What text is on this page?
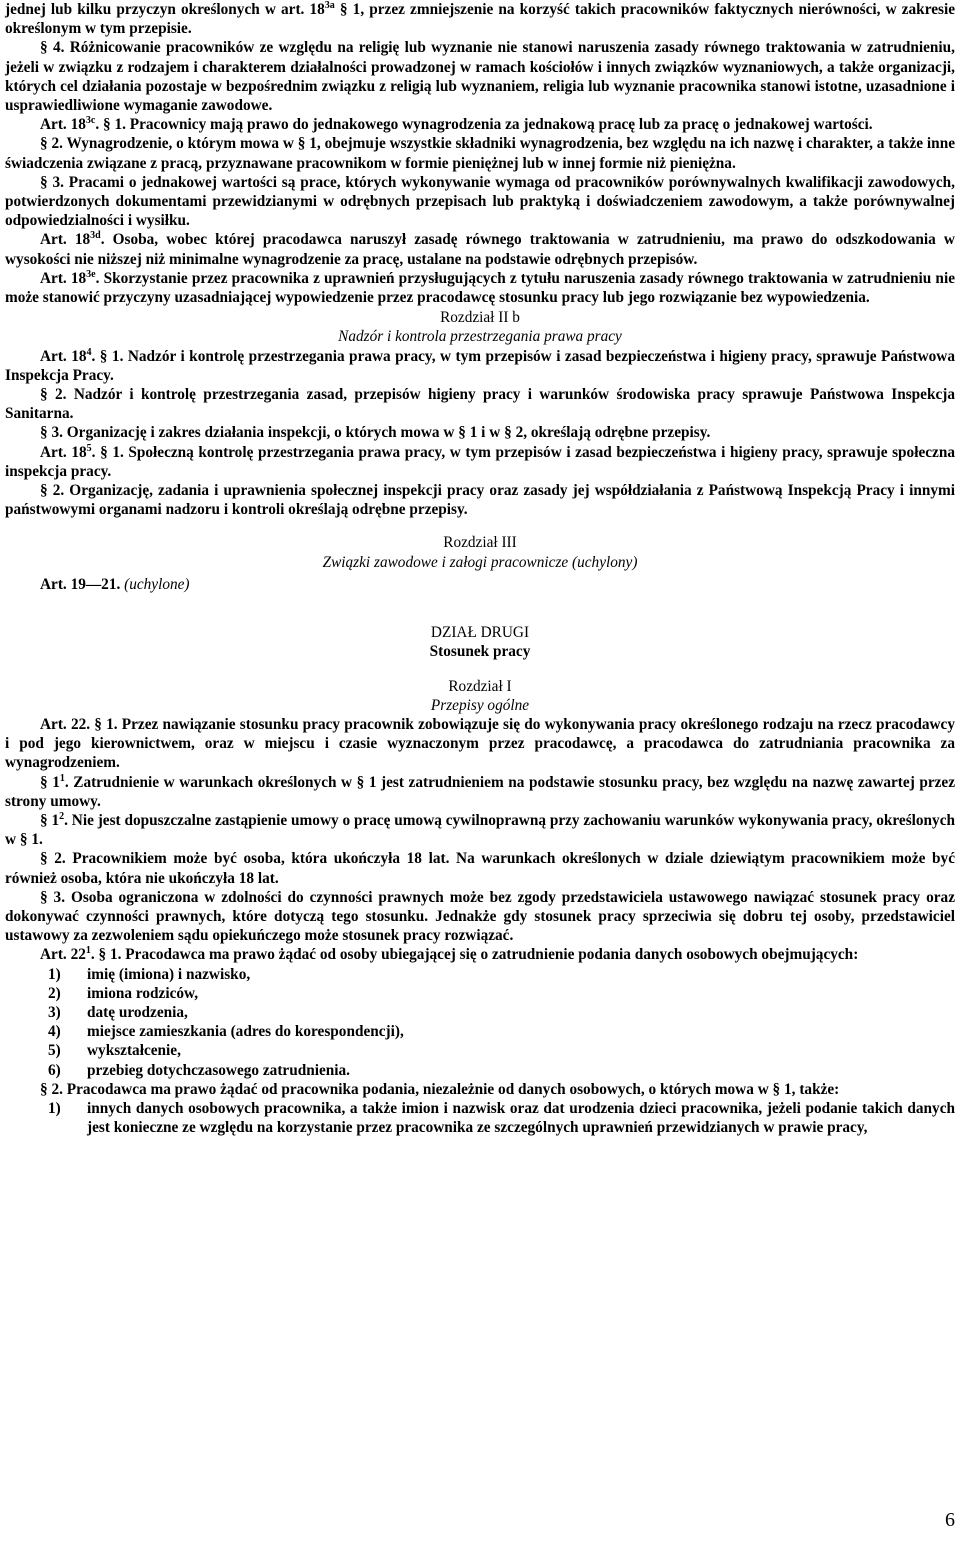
jednej lub kilku przyczyn określonych w art. $18^{3a}$ § 1, przez zmniejszenie na korzyść takich pracowników faktycznych nierówności, w zakresie określonym w tym przepisie.

§ 4. Różnicowanie pracowników ze względu na religię lub wyznanie nie stanowi naruszenia zasady równego traktowania w zatrudnieniu, jeżeli w związku z rodzajem i charakterem działalności prowadzonej w ramach kościołów i innych związków wyznaniowych, a także organizacji, których cel działania pozostaje w bezpośrednim związku z religią lub wyznaniem, religia lub wyznanie pracownika stanowi istotne, uzasadnione i usprawiedliwione wymaganie zawodowe.

Art. $18^{3c}$. § 1. Pracownicy mają prawo do jednakowego wynagrodzenia za jednakową pracę lub za pracę o jednakowej wartości.

§ 2. Wynagrodzenie, o którym mowa w § 1, obejmuje wszystkie składniki wynagrodzenia, bez względu na ich nazwę i charakter, a także inne świadczenia związane z pracą, przyznawane pracownikom w formie pieniężnej lub w innej formie niż pieniężna.

§ 3. Pracami o jednakowej wartości są prace, których wykonywanie wymaga od pracowników porównywalnych kwalifikacji zawodowych, potwierdzonych dokumentami przewidzianymi w odrębnych przepisach lub praktyką i doświadczeniem zawodowym, a także porównywalnej odpowiedzialności i wysiłku.

Art. $18^{3d}$. Osoba, wobec której pracodawca naruszył zasadę równego traktowania w zatrudnieniu, ma prawo do odszkodowania w wysokości nie niższej niż minimalne wynagrodzenie za pracę, ustalane na podstawie odrębnych przepisów.

Art. $18^{3e}$. Skorzystanie przez pracownika z uprawnień przysługujących z tytułu naruszenia zasady równego traktowania w zatrudnieniu nie może stanowić przyczyny uzasadniającej wypowiedzenie przez pracodawcę stosunku pracy lub jego rozwiązanie bez wypowiedzenia.

Rozdział II b

Nadzór i kontrola przestrzegania prawa pracy

Art. $18^4$. § 1. Nadzór i kontrolę przestrzegania prawa pracy, w tym przepisów i zasad bezpieczeństwa i higieny pracy, sprawuje Państwowa Inspekcja Pracy.

§ 2. Nadzór i kontrolę przestrzegania zasad, przepisów higieny pracy i warunków środowiska pracy sprawuje Państwowa Inspekcja Sanitarna.

§ 3. Organizację i zakres działania inspekcji, o których mowa w § 1 i w § 2, określają odrębne przepisy.

Art. $18^5$. § 1. Społeczną kontrolę przestrzegania prawa pracy, w tym przepisów i zasad bezpieczeństwa i higieny pracy, sprawuje społeczna inspekcja pracy.

§ 2. Organizację, zadania i uprawnienia społecznej inspekcji pracy oraz zasady jej współdziałania z Państwową Inspekcją Pracy i innymi państwowymi organami nadzoru i kontroli określają odrębne przepisy.

Rozdział III

Związki zawodowe i załogi pracownicze (uchylony)

Art. 19—21. (uchylone)

DZIAŁ DRUGI

Stosunek pracy

Rozdział I

Przepisy ogólne

Art. 22. § 1. Przez nawiązanie stosunku pracy pracownik zobowiązuje się do wykonywania pracy określonego rodzaju na rzecz pracodawcy i pod jego kierownictwem, oraz w miejscu i czasie wyznaczonym przez pracodawcę, a pracodawca do zatrudniania pracownika za wynagrodzeniem.

§ $1^1$. Zatrudnienie w warunkach określonych w § 1 jest zatrudnieniem na podstawie stosunku pracy, bez względu na nazwę zawartej przez strony umowy.

§ $1^2$. Nie jest dopuszczalne zastąpienie umowy o pracę umową cywilnoprawną przy zachowaniu warunków wykonywania pracy, określonych w § 1.

§ 2. Pracownikiem może być osoba, która ukończyła 18 lat. Na warunkach określonych w dziale dziewiątym pracownikiem może być również osoba, która nie ukończyła 18 lat.

§ 3. Osoba ograniczona w zdolności do czynności prawnych może bez zgody przedstawiciela ustawowego nawiązać stosunek pracy oraz dokonywać czynności prawnych, które dotyczą tego stosunku. Jednakże gdy stosunek pracy sprzeciwia się dobru tej osoby, przedstawiciel ustawowy za zezwoleniem sądu opiekuńczego może stosunek pracy rozwiązać.

Art. $22^1$. § 1. Pracodawca ma prawo żądać od osoby ubiegającej się o zatrudnienie podania danych osobowych obejmujących:

1)	imię (imiona) i nazwisko,
2)	imiona rodziców,
3)	datę urodzenia,
4)	miejsce zamieszkania (adres do korespondencji),
5)	wykształcenie,
6)	przebieg dotychczasowego zatrudnienia.

§ 2. Pracodawca ma prawo żądać od pracownika podania, niezależnie od danych osobowych, o których mowa w § 1, także:

1)	innych danych osobowych pracownika, a także imion i nazwisk oraz dat urodzenia dzieci pracownika, jeżeli podanie takich danych jest konieczne ze względu na korzystanie przez pracownika ze szczególnych uprawnień przewidzianych w prawie pracy,
6
